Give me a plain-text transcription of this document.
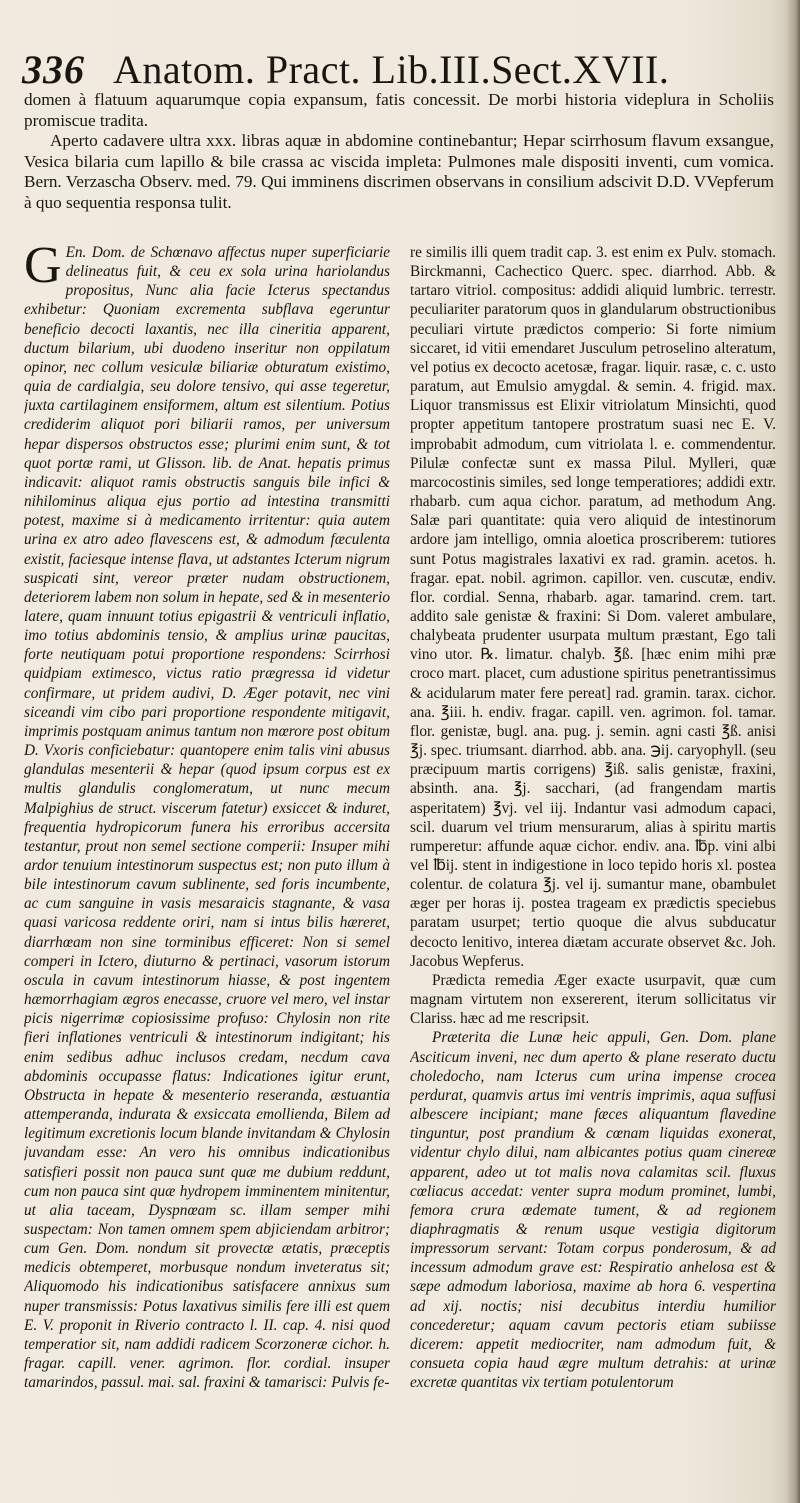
336 Anatom. Pract. Lib.III.Sect.XVII.

domen à flatuum aquarumque copia expansum, fatis concessit. De morbi historia videplura in Scholiis promiscue tradita.

Aperto cadavere ultra xxx. libras aquæ in abdomine continebantur; Hepar scirrhosum flavum exsangue, Vesica bilaria cum lapillo & bile crassa ac viscida impleta: Pulmones male dispositi inventi, cum vomica. Bern. Verzascha Observ. med. 79. Qui imminens discrimen observans in consilium adscivit D.D. VVepferum à quo sequentia responsa tulit.

G En. Dom. de Schœnavo affectus nuper superficiarie delineatus fuit, & ceu ex sola urina hariolandus propositus, Nunc alia facie Icterus spectandus exhibetur: Quoniam excrementa subflava egeruntur beneficio decocti laxantis, nec illa cineritia apparent, ductum bilarium, ubi duodeno inseritur non oppilatum opinor, nec collum vesiculæ biliariæ obturatum existimo, quia de cardialgia, seu dolore tensivo, qui asse tegeretur, juxta cartilaginem ensiformem, altum est silentium. Potius crediderim aliquot pori biliarii ramos, per universum hepar dispersos obstructos esse; plurimi enim sunt, & tot quot portæ rami, ut Glisson. lib. de Anat. hepatis primus indicavit: aliquot ramis obstructis sanguis bile infici & nihilominus aliqua ejus portio ad intestina transmitti potest, maxime si à medicamento irritentur: quia autem urina ex atro adeo flavescens est, & admodum fæculenta existit, faciesque intense flava, ut adstantes Icterum nigrum suspicati sint, vereor præter nudam obstructionem, deteriorem labem non solum in hepate, sed & in mesenterio latere, quam innuunt totius epigastrii & ventriculi inflatio, imo totius abdominis tensio, & amplius urinæ paucitas, forte neutiquam potui proportione respondens: Scirrhosi quidpiam extimesco, victus ratio prægressa id videtur confirmare, ut pridem audivi, D. Æger potavit, nec vini siceandi vim cibo pari proportione respondente mitigavit, imprimis postquam animus tantum non mœrore post obitum D. Vxoris conficiebatur: quantopere enim talis vini abusus glandulas mesenterii & hepar (quod ipsum corpus est ex multis glandulis conglomeratum, ut nunc mecum Malpighius de struct. viscerum fatetur) exsiccet & induret, frequentia hydropicorum funera his erroribus accersita testantur, prout non semel sectione comperii: Insuper mihi ardor tenuium intestinorum suspectus est; non puto illum à bile intestinorum cavum sublinente, sed foris incumbente, ac cum sanguine in vasis mesaraicis stagnante, & vasa quasi varicosa reddente oriri, nam si intus bilis hæreret, diarrhœam non sine torminibus efficeret: Non si semel comperi in Ictero, diuturno & pertinaci, vasorum istorum oscula in cavum intestinorum hiasse, & post ingentem hæmorrhagiam ægros enecasse, cruore vel mero, vel instar picis nigerrimæ copiosissime profuso: Chylosin non rite fieri inflationes ventriculi & intestinorum indigitant; his enim sedibus adhuc inclusos credam, necdum cava abdominis occupasse flatus: Indicationes igitur erunt, Obstructa in hepate & mesenterio reseranda, æstuantia attemperanda, indurata & exsiccata emollienda, Bilem ad legitimum excretionis locum blande invitandam & Chylosin juvandam esse: An vero his omnibus indicationibus satisfieri possit non pauca sunt quæ me dubium reddunt, cum non pauca sint quæ hydropem imminentem minitentur, ut alia taceam, Dyspnœam sc. illam semper mihi suspectam: Non tamen omnem spem abjiciendam arbitror; cum Gen. Dom. nondum sit provectæ ætatis, præceptis medicis obtemperet, morbusque nondum inveteratus sit; Aliquomodo his indicationibus satisfacere annixus sum nuper transmissis: Potus laxativus similis fere illi est quem E. V. proponit in Riverio contracto l. II. cap. 4. nisi quod temperatior sit, nam addidi radicem Scorzoneræ cichor. h. fragar. capill. vener. agrimon. flor. cordial. insuper tamarindos, passul. mai. sal. fraxini & tamarisci: Pulvis fe-

re similis illi quem tradit cap. 3. est enim ex Pulv. stomach. Birckmanni, Cachectico Querc. spec. diarrhod. Abb. & tartaro vitriol. compositus: addidi aliquid lumbric. terrestr. peculiariter paratorum quos in glandularum obstructionibus peculiari virtute prædictos comperio: Si forte nimium siccaret, id vitii emendaret Jusculum petroselino alteratum, vel potius ex decocto acetosæ, fragar. liquir. rasæ, c. c. usto paratum, aut Emulsio amygdal. & semin. 4. frigid. max. Liquor transmissus est Elixir vitriolatum Minsichti, quod propter appetitum tantopere prostratum suasi nec E. V. improbabit admodum, cum vitriolata l. e. commendentur. Pilulæ confectæ sunt ex massa Pilul. Mylleri, quæ marcocostinis similes, sed longe temperatiores; addidi extr. rhabarb. cum aqua cichor. paratum, ad methodum Ang. Salæ pari quantitate: quia vero aliquid de intestinorum ardore jam intelligo, omnia aloetica proscriberem: tutiores sunt Potus magistrales laxativi ex rad. gramin. acetos. h. fragar. epat. nobil. agrimon. capillor. ven. cuscutæ, endiv. flor. cordial. Senna, rhabarb. agar. tamarind. crem. tart. addito sale genistæ & fraxini: Si Dom. valeret ambulare, chalybeata prudenter usurpata multum præstant, Ego tali vino utor. ℞. limatur. chalyb. ℥ß. [hæc enim mihi præ croco mart. placet, cum adustione spiritus penetrantissimus & acidularum mater fere pereat] rad. gramin. tarax. cichor. ana. ℥iii. h. endiv. fragar. capill. ven. agrimon. fol. tamar. flor. genistæ, bugl. ana. pug. j. semin. agni casti ℥ß. anisi ℥j. spec. triumsant. diarrhod. abb. ana. ℈ij. caryophyll. (seu præcipuum martis corrigens) ℥iß. salis genistæ, fraxini, absinth. ana. ℥j. sacchari, (ad frangendam martis asperitatem) ℥vj. vel iij. Indantur vasi admodum capaci, scil. duarum vel trium mensurarum, alias à spiritu martis rumperetur: affunde aquæ cichor. endiv. ana. ℔p. vini albi vel ℔ij. stent in indigestione in loco tepido horis xl. postea colentur. de colatura ℥j. vel ij. sumantur mane, obambulet æger per horas ij. postea trageam ex prædictis speciebus paratam usurpet; tertio quoque die alvus subducatur decocto lenitivo, interea diætam accurate observet &c. Joh. Jacobus Wepferus.

Prædicta remedia Æger exacte usurpavit, quæ cum magnam virtutem non exsererent, iterum sollicitatus vir Clariss. hæc ad me rescripsit.

Præterita die Lunæ heic appuli, Gen. Dom. plane Asciticum inveni, nec dum aperto & plane reserato ductu choledocho, nam Icterus cum urina impense crocea perdurat, quamvis artus imi ventris imprimis, aqua suffusi albescere incipiant; mane fæces aliquantum flavedine tinguntur, post prandium & cœnam liquidas exonerat, videntur chylo dilui, nam albicantes potius quam cinereæ apparent, adeo ut tot malis nova calamitas scil. fluxus cœliacus accedat: venter supra modum prominet, lumbi, femora crura œdemate tument, & ad regionem diaphragmatis & renum usque vestigia digitorum impressorum servant: Totam corpus ponderosum, & ad incessum admodum grave est: Respiratio anhelosa est & sæpe admodum laboriosa, maxime ab hora 6. vespertina ad xij. noctis; nisi decubitus interdiu humilior concederetur; aquam cavum pectoris etiam subiisse dicerem: appetit mediocriter, nam admodum fuit, & consueta copia haud ægre multum detrahis: at urinæ excretæ quantitas vix tertiam potulentorum
